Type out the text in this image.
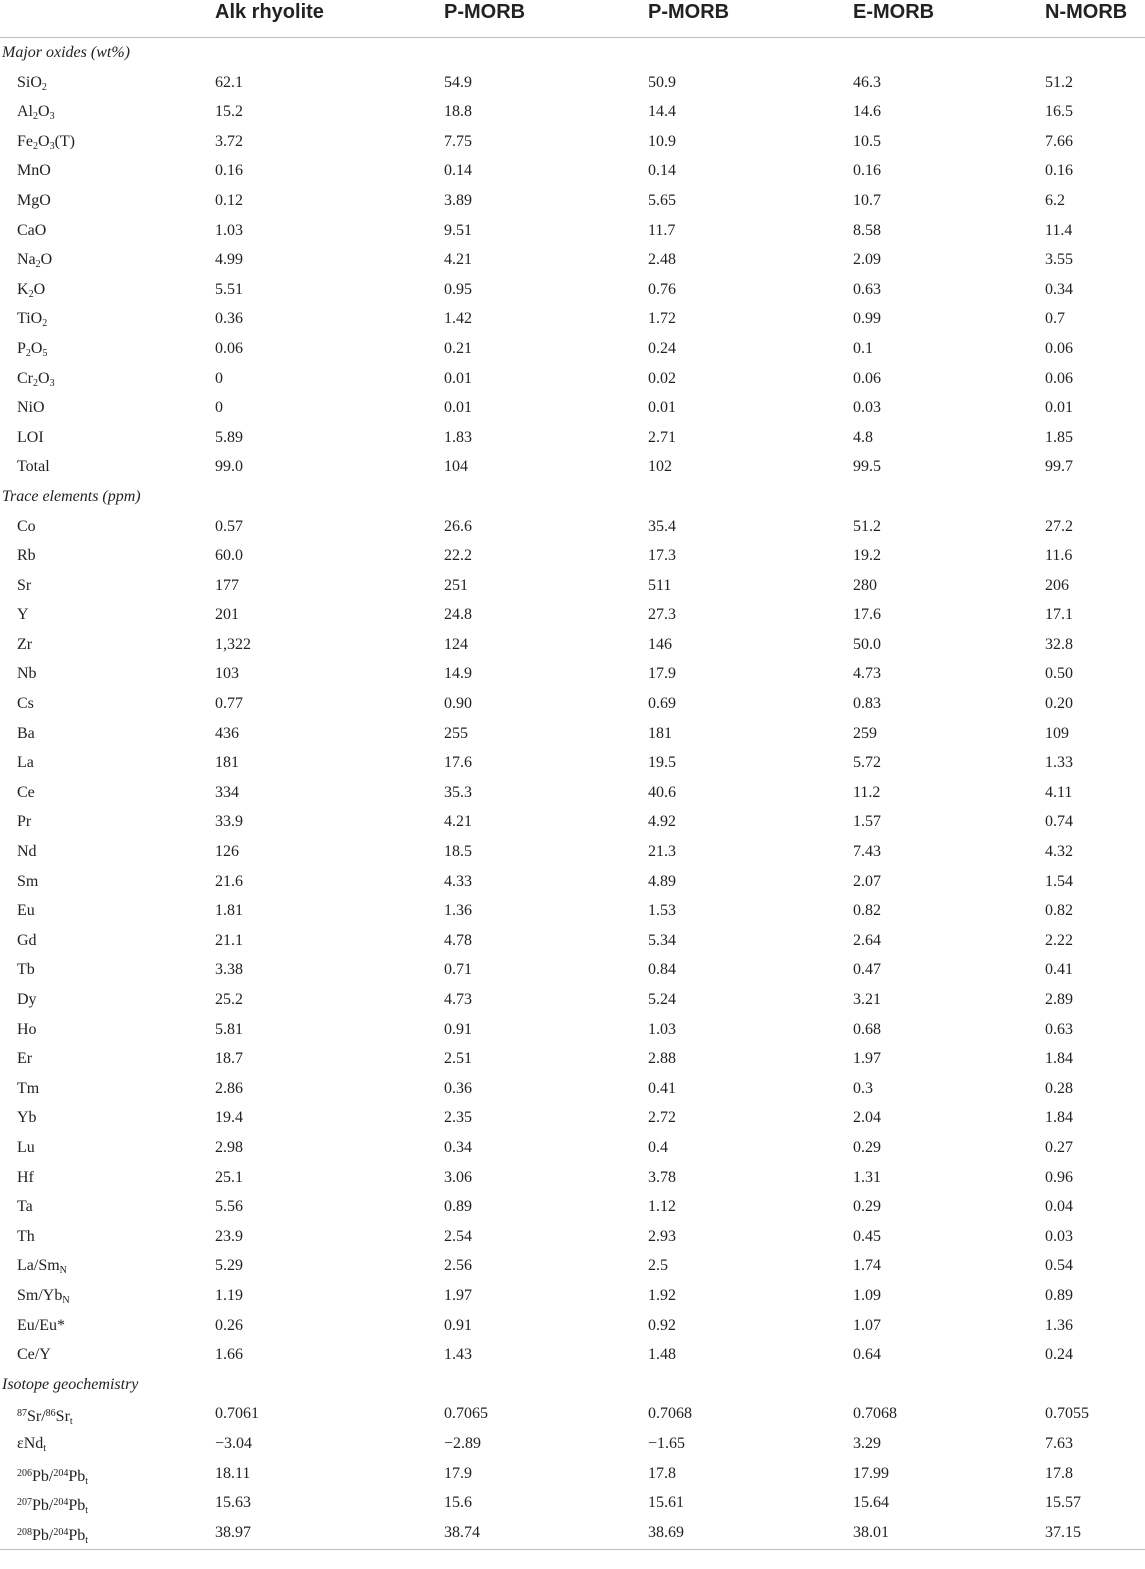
Alk rhyolite	P-MORB	P-MORB	E-MORB	N-MORB
Major oxides (wt%)
SiO$_2$	62.1	54.9	50.9	46.3	51.2
$Al_2O_3$	15.2	18.8	14.4	14.6	16.5
$Fe_2O_3(T)$	3.72	7.75	10.9	10.5	7.66
MnO	0.16	0.14	0.14	0.16	0.16
MgO	0.12	3.89	5.65	10.7	6.2
CaO	1.03	9.51	11.7	8.58	11.4
$Na_2O$	4.99	4.21	2.48	2.09	3.55
$K_2O$	5.51	0.95	0.76	0.63	0.34
TiO$_2$	0.36	1.42	1.72	0.99	0.7
$P_2O_5$	0.06	0.21	0.24	0.1	0.06
$Cr_2O_3$	0	0.01	0.02	0.06	0.06
NiO	0	0.01	0.01	0.03	0.01
LOI	5.89	1.83	2.71	4.8	1.85
Total	99.0	104	102	99.5	99.7
Trace elements (ppm)
Co	0.57	26.6	35.4	51.2	27.2
Rb	60.0	22.2	17.3	19.2	11.6
Sr	177	251	511	280	206
Y	201	24.8	27.3	17.6	17.1
Zr	1,322	124	146	50.0	32.8
Nb	103	14.9	17.9	4.73	0.50
Cs	0.77	0.90	0.69	0.83	0.20
Ba	436	255	181	259	109
La	181	17.6	19.5	5.72	1.33
Ce	334	35.3	40.6	11.2	4.11
Pr	33.9	4.21	4.92	1.57	0.74
Nd	126	18.5	21.3	7.43	4.32
Sm	21.6	4.33	4.89	2.07	1.54
Eu	1.81	1.36	1.53	0.82	0.82
Gd	21.1	4.78	5.34	2.64	2.22
Tb	3.38	0.71	0.84	0.47	0.41
Dy	25.2	4.73	5.24	3.21	2.89
Ho	5.81	0.91	1.03	0.68	0.63
Er	18.7	2.51	2.88	1.97	1.84
Tm	2.86	0.36	0.41	0.3	0.28
Yb	19.4	2.35	2.72	2.04	1.84
Lu	2.98	0.34	0.4	0.29	0.27
Hf	25.1	3.06	3.78	1.31	0.96
Ta	5.56	0.89	1.12	0.29	0.04
Th	23.9	2.54	2.93	0.45	0.03
$La/Sm_N$	5.29	2.56	2.5	1.74	0.54
$Sm/Yb_N$	1.19	1.97	1.92	1.09	0.89
Eu/Eu*	0.26	0.91	0.92	1.07	1.36
Ce/Y	1.66	1.43	1.48	0.64	0.24
Isotope geochemistry
$^{87}Sr/^{86}Sr_t$	0.7061	0.7065	0.7068	0.7068	0.7055
εNd$_t$	−3.04	−2.89	−1.65	3.29	7.63
$^{206}Pb/^{204}Pb_t$	18.11	17.9	17.8	17.99	17.8
$^{207}Pb/^{204}Pb_t$	15.63	15.6	15.61	15.64	15.57
$^{208}Pb/^{204}Pb_t$	38.97	38.74	38.69	38.01	37.15
